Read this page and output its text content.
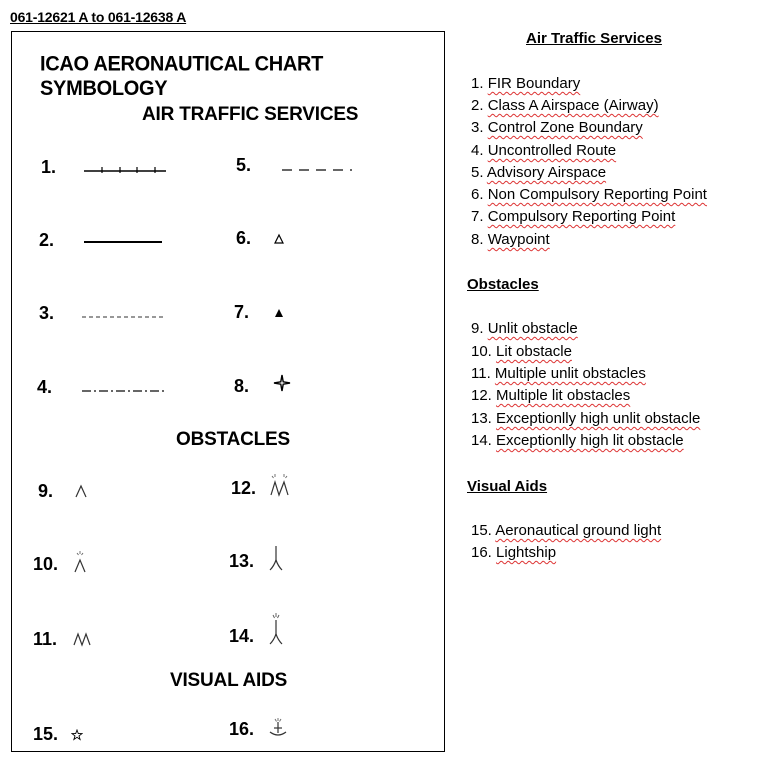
061-12621 A to 061-12638 A
ICAO AERONAUTICAL CHART SYMBOLOGY
AIR TRAFFIC SERVICES
OBSTACLES
VISUAL AIDS
1.
2.
3.
4.
5.
6.
7.
8.
9.
10.
11.
12.
13.
14.
15.	16.
Air Traffic Services
1. FIR Boundary
2. Class A Airspace (Airway)
3. Control Zone Boundary
4. Uncontrolled Route
5. Advisory Airspace
6. Non Compulsory Reporting Point
7. Compulsory Reporting Point
8. Waypoint
Obstacles
9. Unlit obstacle
10. Lit obstacle
11. Multiple unlit obstacles
12. Multiple lit obstacles
13. Exceptionlly high unlit obstacle
14. Exceptionlly high lit obstacle
Visual Aids
15. Aeronautical ground light
16. Lightship
